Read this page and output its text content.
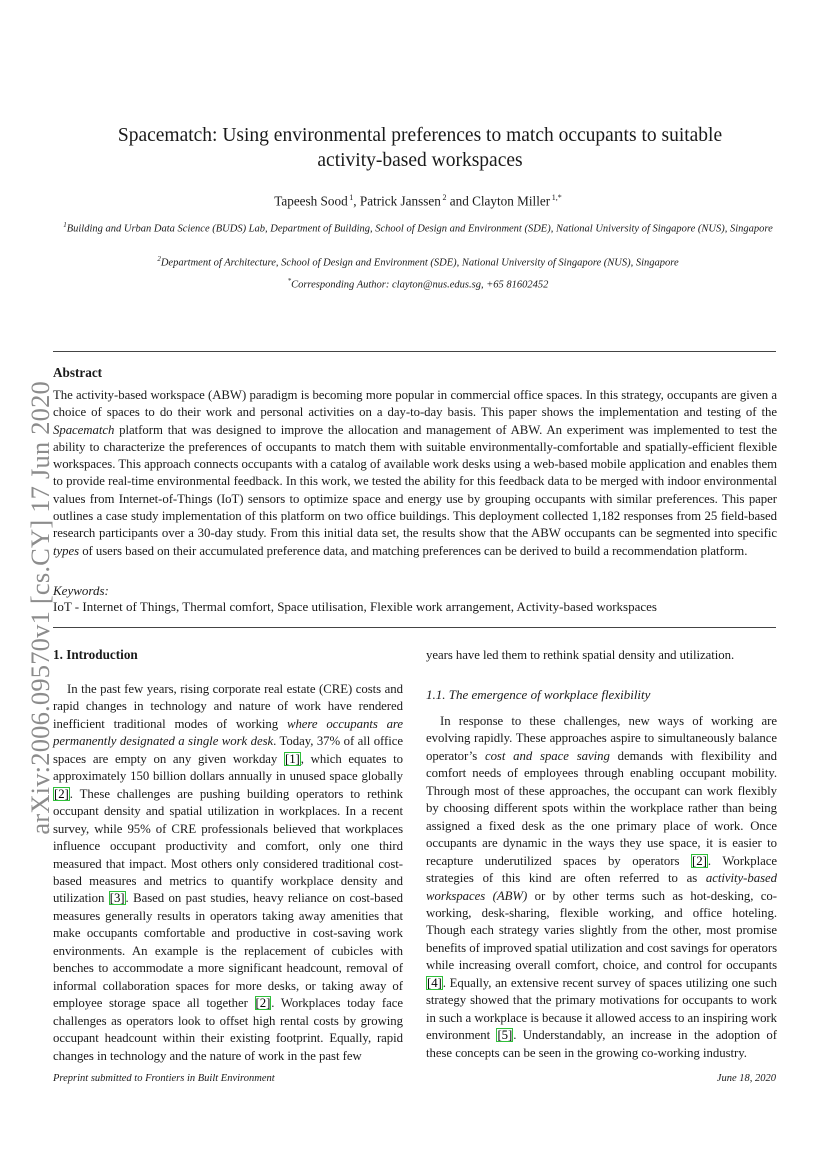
arXiv:2006.09570v1 [cs.CY] 17 Jun 2020
Spacematch: Using environmental preferences to match occupants to suitable
activity-based workspaces
Tapeesh Sood  $^1$, Patrick Janssen  $^2$ and Clayton Miller  $^{1,*}$
$^1$Building and Urban Data Science (BUDS) Lab, Department of Building, School of Design and Environment (SDE), National University of Singapore (NUS), Singapore
$^2$Department of Architecture, School of Design and Environment (SDE), National University of Singapore (NUS), Singapore
*Corresponding Author: clayton@nus.edus.sg, +65 81602452
Abstract
The activity-based workspace (ABW) paradigm is becoming more popular in commercial office spaces. In this strategy, occupants are given a choice of spaces to do their work and personal activities on a day-to-day basis. This paper shows the implementation and testing of the Spacematch platform that was designed to improve the allocation and management of ABW. An experiment was implemented to test the ability to characterize the preferences of occupants to match them with suitable environmentally-comfortable and spatially-efficient flexible workspaces. This approach connects occupants with a catalog of available work desks using a web-based mobile application and enables them to provide real-time environmental feedback. In this work, we tested the ability for this feedback data to be merged with indoor environmental values from Internet-of-Things (IoT) sensors to optimize space and energy use by grouping occupants with similar preferences. This paper outlines a case study implementation of this platform on two office buildings. This deployment collected 1,182 responses from 25 field-based research participants over a 30-day study. From this initial data set, the results show that the ABW occupants can be segmented into specific types of users based on their accumulated preference data, and matching preferences can be derived to build a recommendation platform.
Keywords:
IoT - Internet of Things, Thermal comfort, Space utilisation, Flexible work arrangement, Activity-based workspaces
1. Introduction
In the past few years, rising corporate real estate (CRE) costs and rapid changes in technology and nature of work have rendered inefficient traditional modes of working where occupants are permanently designated a single work desk. Today, 37% of all office spaces are empty on any given workday [1], which equates to approximately 150 billion dollars annually in unused space globally [2]. These challenges are pushing building operators to rethink occupant density and spatial utilization in workplaces. In a recent survey, while 95% of CRE professionals believed that workplaces influence occupant productivity and comfort, only one third measured that impact. Most others only considered traditional cost-based measures and metrics to quantify workplace density and utilization [3]. Based on past studies, heavy reliance on cost-based measures generally results in operators taking away amenities that make occupants comfortable and productive in cost-saving work environments. An example is the replacement of cubicles with benches to accommodate a more significant headcount, removal of informal collaboration spaces for more desks, or taking away of employee storage space all together [2]. Workplaces today face challenges as operators look to offset high rental costs by growing occupant headcount within their existing footprint. Equally, rapid changes in technology and the nature of work in the past few
years have led them to rethink spatial density and utilization.
1.1. The emergence of workplace flexibility
In response to these challenges, new ways of working are evolving rapidly. These approaches aspire to simultaneously balance operator’s cost and space saving demands with flexibility and comfort needs of employees through enabling occupant mobility. Through most of these approaches, the occupant can work flexibly by choosing different spots within the workplace rather than being assigned a fixed desk as the one primary place of work. Once occupants are dynamic in the ways they use space, it is easier to recapture underutilized spaces by operators [2]. Workplace strategies of this kind are often referred to as activity-based workspaces (ABW) or by other terms such as hot-desking, co-working, desk-sharing, flexible working, and office hoteling. Though each strategy varies slightly from the other, most promise benefits of improved spatial utilization and cost savings for operators while increasing overall comfort, choice, and control for occupants [4]. Equally, an extensive recent survey of spaces utilizing one such strategy showed that the primary motivations for occupants to work in such a workplace is because it allowed access to an inspiring work environment [5]. Understandably, an increase in the adoption of these concepts can be seen in the growing co-working industry.
Preprint submitted to Frontiers in Built Environment	June 18, 2020
